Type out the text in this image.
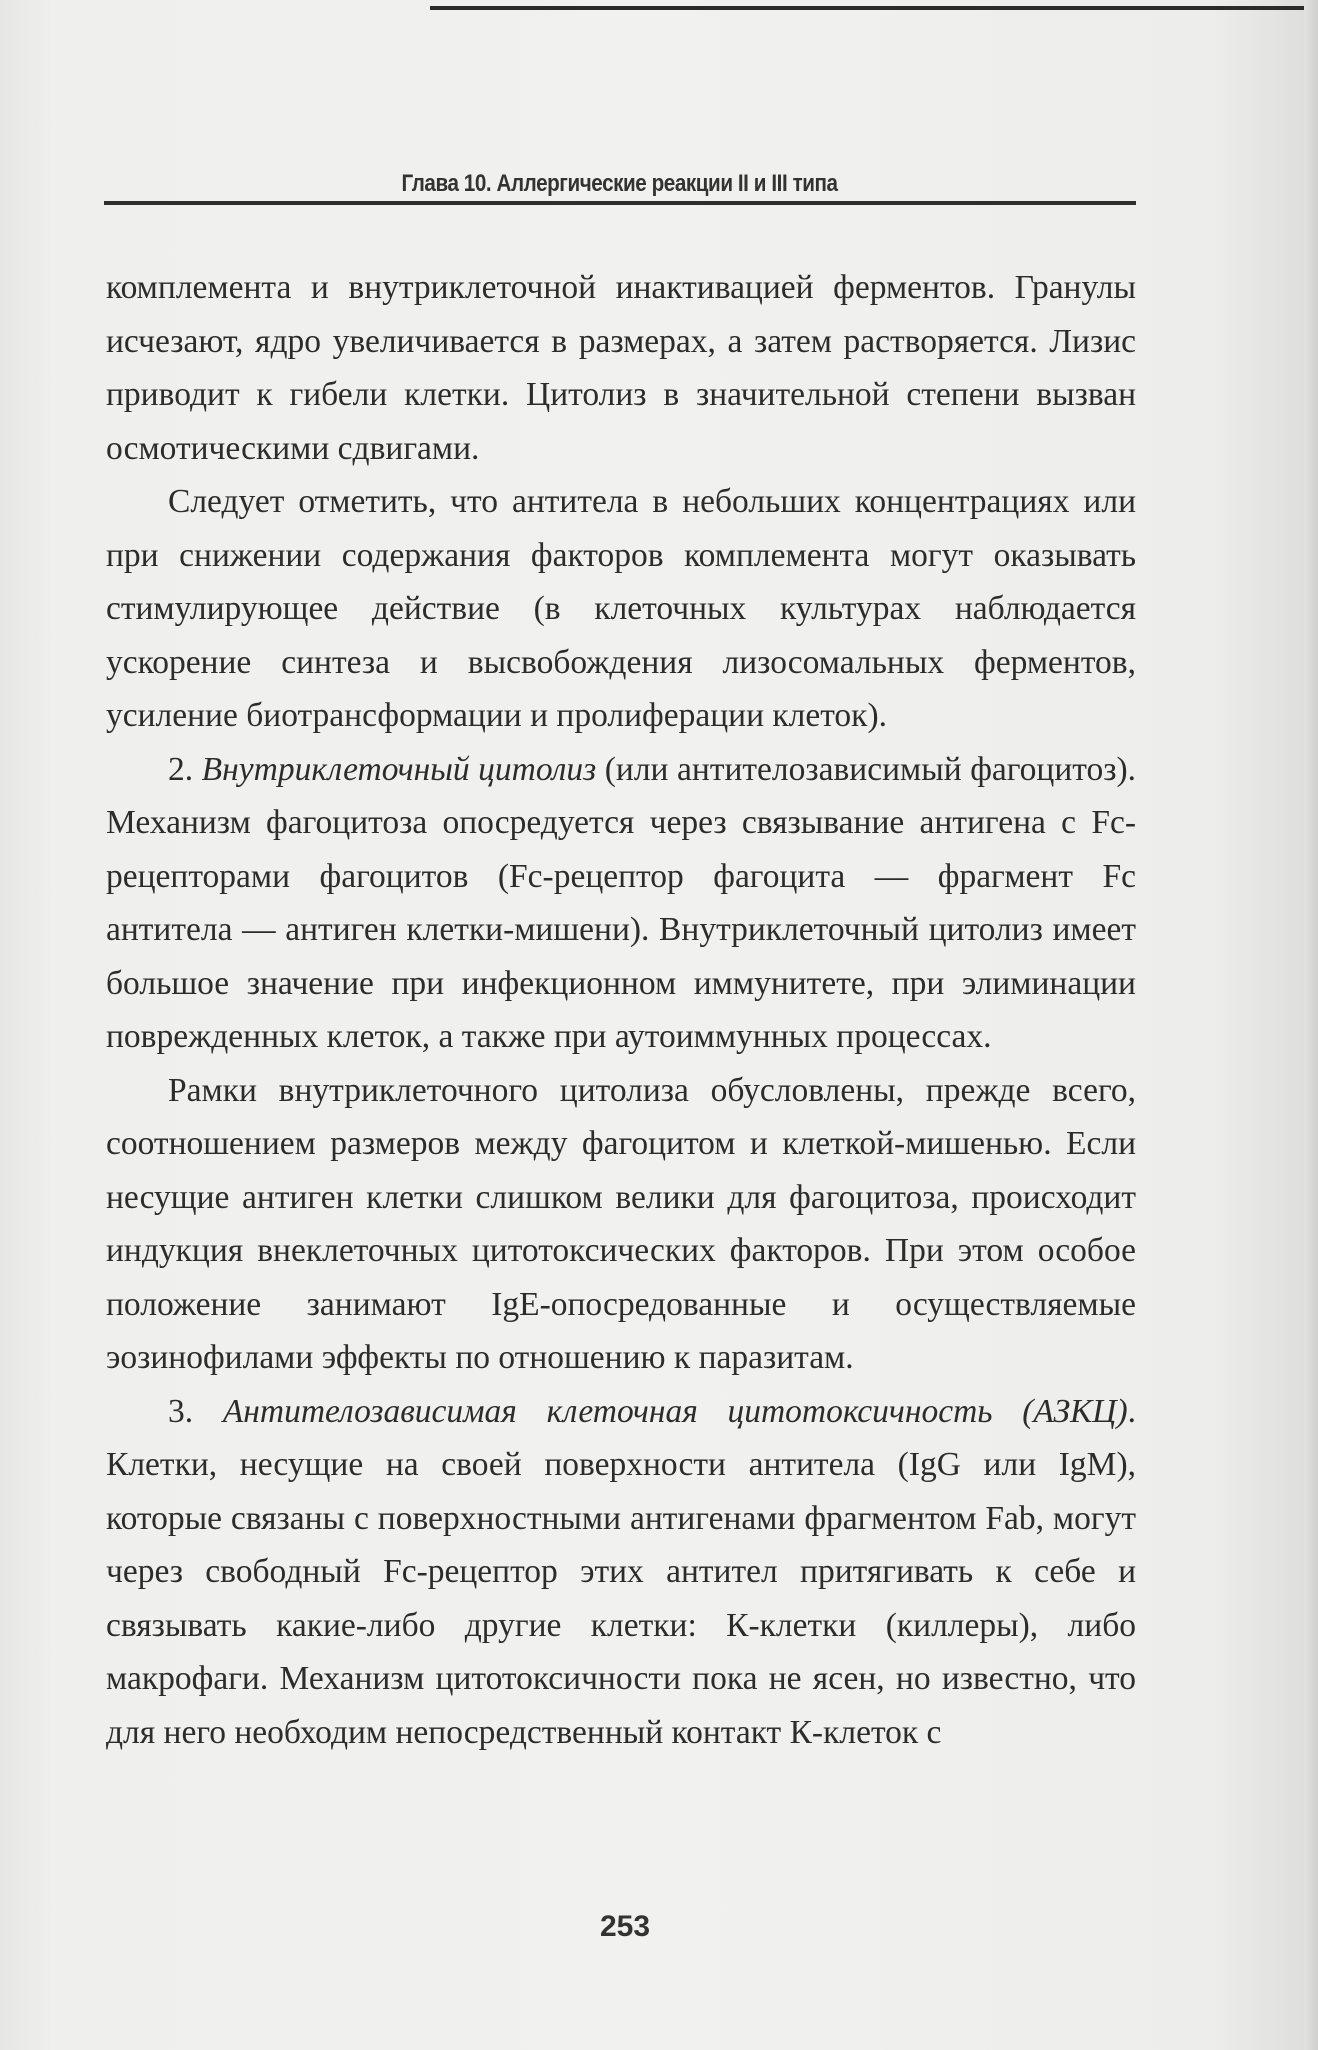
Глава 10. Аллергические реакции II и III типа

комплемента и внутриклеточной инактивацией ферментов. Гранулы исчезают, ядро увеличивается в размерах, а затем растворяется. Лизис приводит к гибели клетки. Цитолиз в значительной степени вызван осмотическими сдвигами.

Следует отметить, что антитела в небольших концентрациях или при снижении содержания факторов комплемента могут оказывать стимулирующее действие (в клеточных культурах наблюдается ускорение синтеза и высвобождения лизосомальных ферментов, усиление биотрансформации и пролиферации клеток).

2. Внутриклеточный цитолиз (или антителозависимый фагоцитоз). Механизм фагоцитоза опосредуется через связывание антигена с Fc-рецепторами фагоцитов (Fc-рецептор фагоцита — фрагмент Fc антитела — антиген клетки-мишени). Внутриклеточный цитолиз имеет большое значение при инфекционном иммунитете, при элиминации поврежденных клеток, а также при аутоиммунных процессах.

Рамки внутриклеточного цитолиза обусловлены, прежде всего, соотношением размеров между фагоцитом и клеткой-мишенью. Если несущие антиген клетки слишком велики для фагоцитоза, происходит индукция внеклеточных цитотоксических факторов. При этом особое положение занимают IgE-опосредованные и осуществляемые эозинофилами эффекты по отношению к паразитам.

3. Антителозависимая клеточная цитотоксичность (АЗКЦ). Клетки, несущие на своей поверхности антитела (IgG или IgM), которые связаны с поверхностными антигенами фрагментом Fab, могут через свободный Fc-рецептор этих антител притягивать к себе и связывать какие-либо другие клетки: К-клетки (киллеры), либо макрофаги. Механизм цитотоксичности пока не ясен, но известно, что для него необходим непосредственный контакт К-клеток с

253
